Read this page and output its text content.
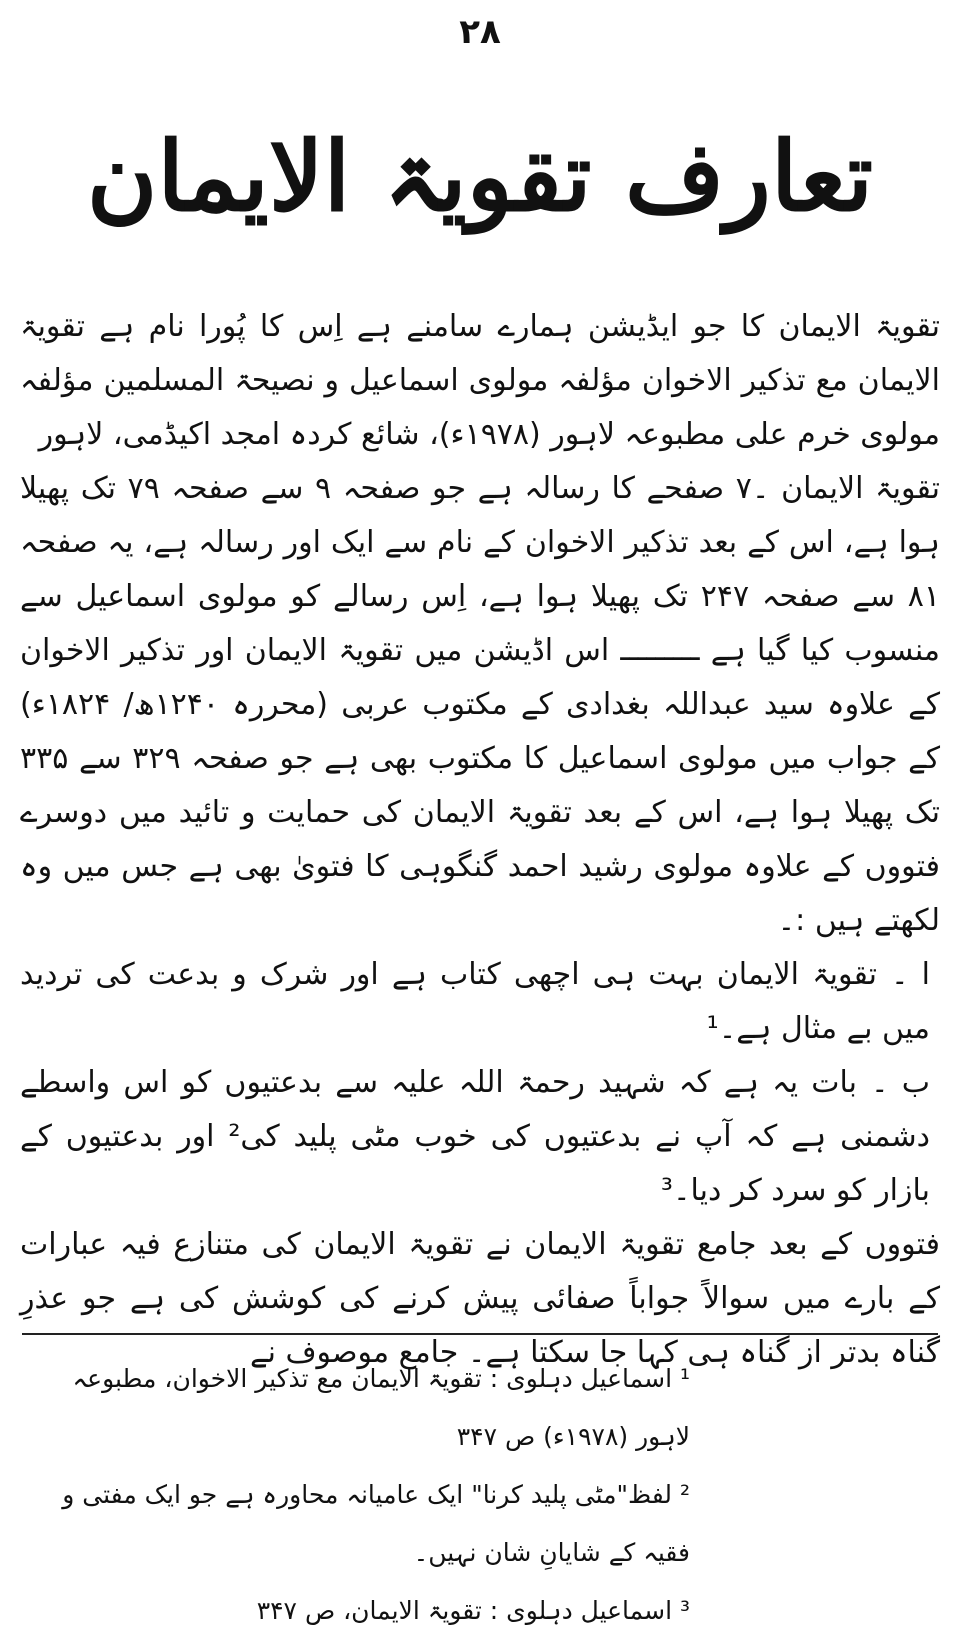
۲۸
تعارف تقویۃ الایمان

تقویۃ الایمان کا جو ایڈیشن ہمارے سامنے ہے اِس کا پُورا نام ہے تقویۃ الایمان مع تذکیر الاخوان مؤلفہ مولوی اسماعیل و نصیحۃ المسلمین مؤلفہ مولوی خرم علی مطبوعہ لاہور (۱۹۷۸ء)، شائع کردہ امجد اکیڈمی، لاہور

تقویۃ الایمان ۔۷ صفحے کا رسالہ ہے جو صفحہ ۹ سے صفحہ ۷۹ تک پھیلا ہوا ہے، اس کے بعد تذکیر الاخوان کے نام سے ایک اور رسالہ ہے، یہ صفحہ ۸۱ سے صفحہ ۲۴۷ تک پھیلا ہوا ہے، اِس رسالے کو مولوی اسماعیل سے منسوب کیا گیا ہے ـــــــــ اس اڈیشن میں تقویۃ الایمان اور تذکیر الاخوان کے علاوہ سید عبداللہ بغدادی کے مکتوب عربی (محررہ ۱۲۴۰ھ/ ۱۸۲۴ء) کے جواب میں مولوی اسماعیل کا مکتوب بھی ہے جو صفحہ ۳۲۹ سے ۳۳۵ تک پھیلا ہوا ہے، اس کے بعد تقویۃ الایمان کی حمایت و تائید میں دوسرے فتووں کے علاوہ مولوی رشید احمد گنگوہی کا فتویٰ بھی ہے جس میں وہ لکھتے ہیں :۔

ا ۔تقویۃ الایمان بہت ہی اچھی کتاب ہے اور شرک و بدعت کی تردید میں بے مثال ہے۔¹

ب ۔بات یہ ہے کہ شہید رحمۃ اللہ علیہ سے بدعتیوں کو اس واسطے دشمنی ہے کہ آپ نے بدعتیوں کی خوب مٹی پلید کی² اور بدعتیوں کے بازار کو سرد کر دیا۔³

فتووں کے بعد جامع تقویۃ الایمان نے تقویۃ الایمان کی متنازع فیہ عبارات کے بارے میں سوالاً جواباً صفائی پیش کرنے کی کوشش کی ہے جو عذرِ گناہ بدتر از گناہ ہی کہا جا سکتا ہے۔ جامع موصوف نے

¹ اسماعیل دہلوی : تقویۃ الایمان مع تذکیر الاخوان، مطبوعہ لاہور (۱۹۷۸ء) ص ۳۴۷

² لفظ"مٹی پلید کرنا" ایک عامیانہ محاورہ ہے جو ایک مفتی و فقیہ کے شایانِ شان نہیں۔

³ اسماعیل دہلوی : تقویۃ الایمان، ص ۳۴۷
